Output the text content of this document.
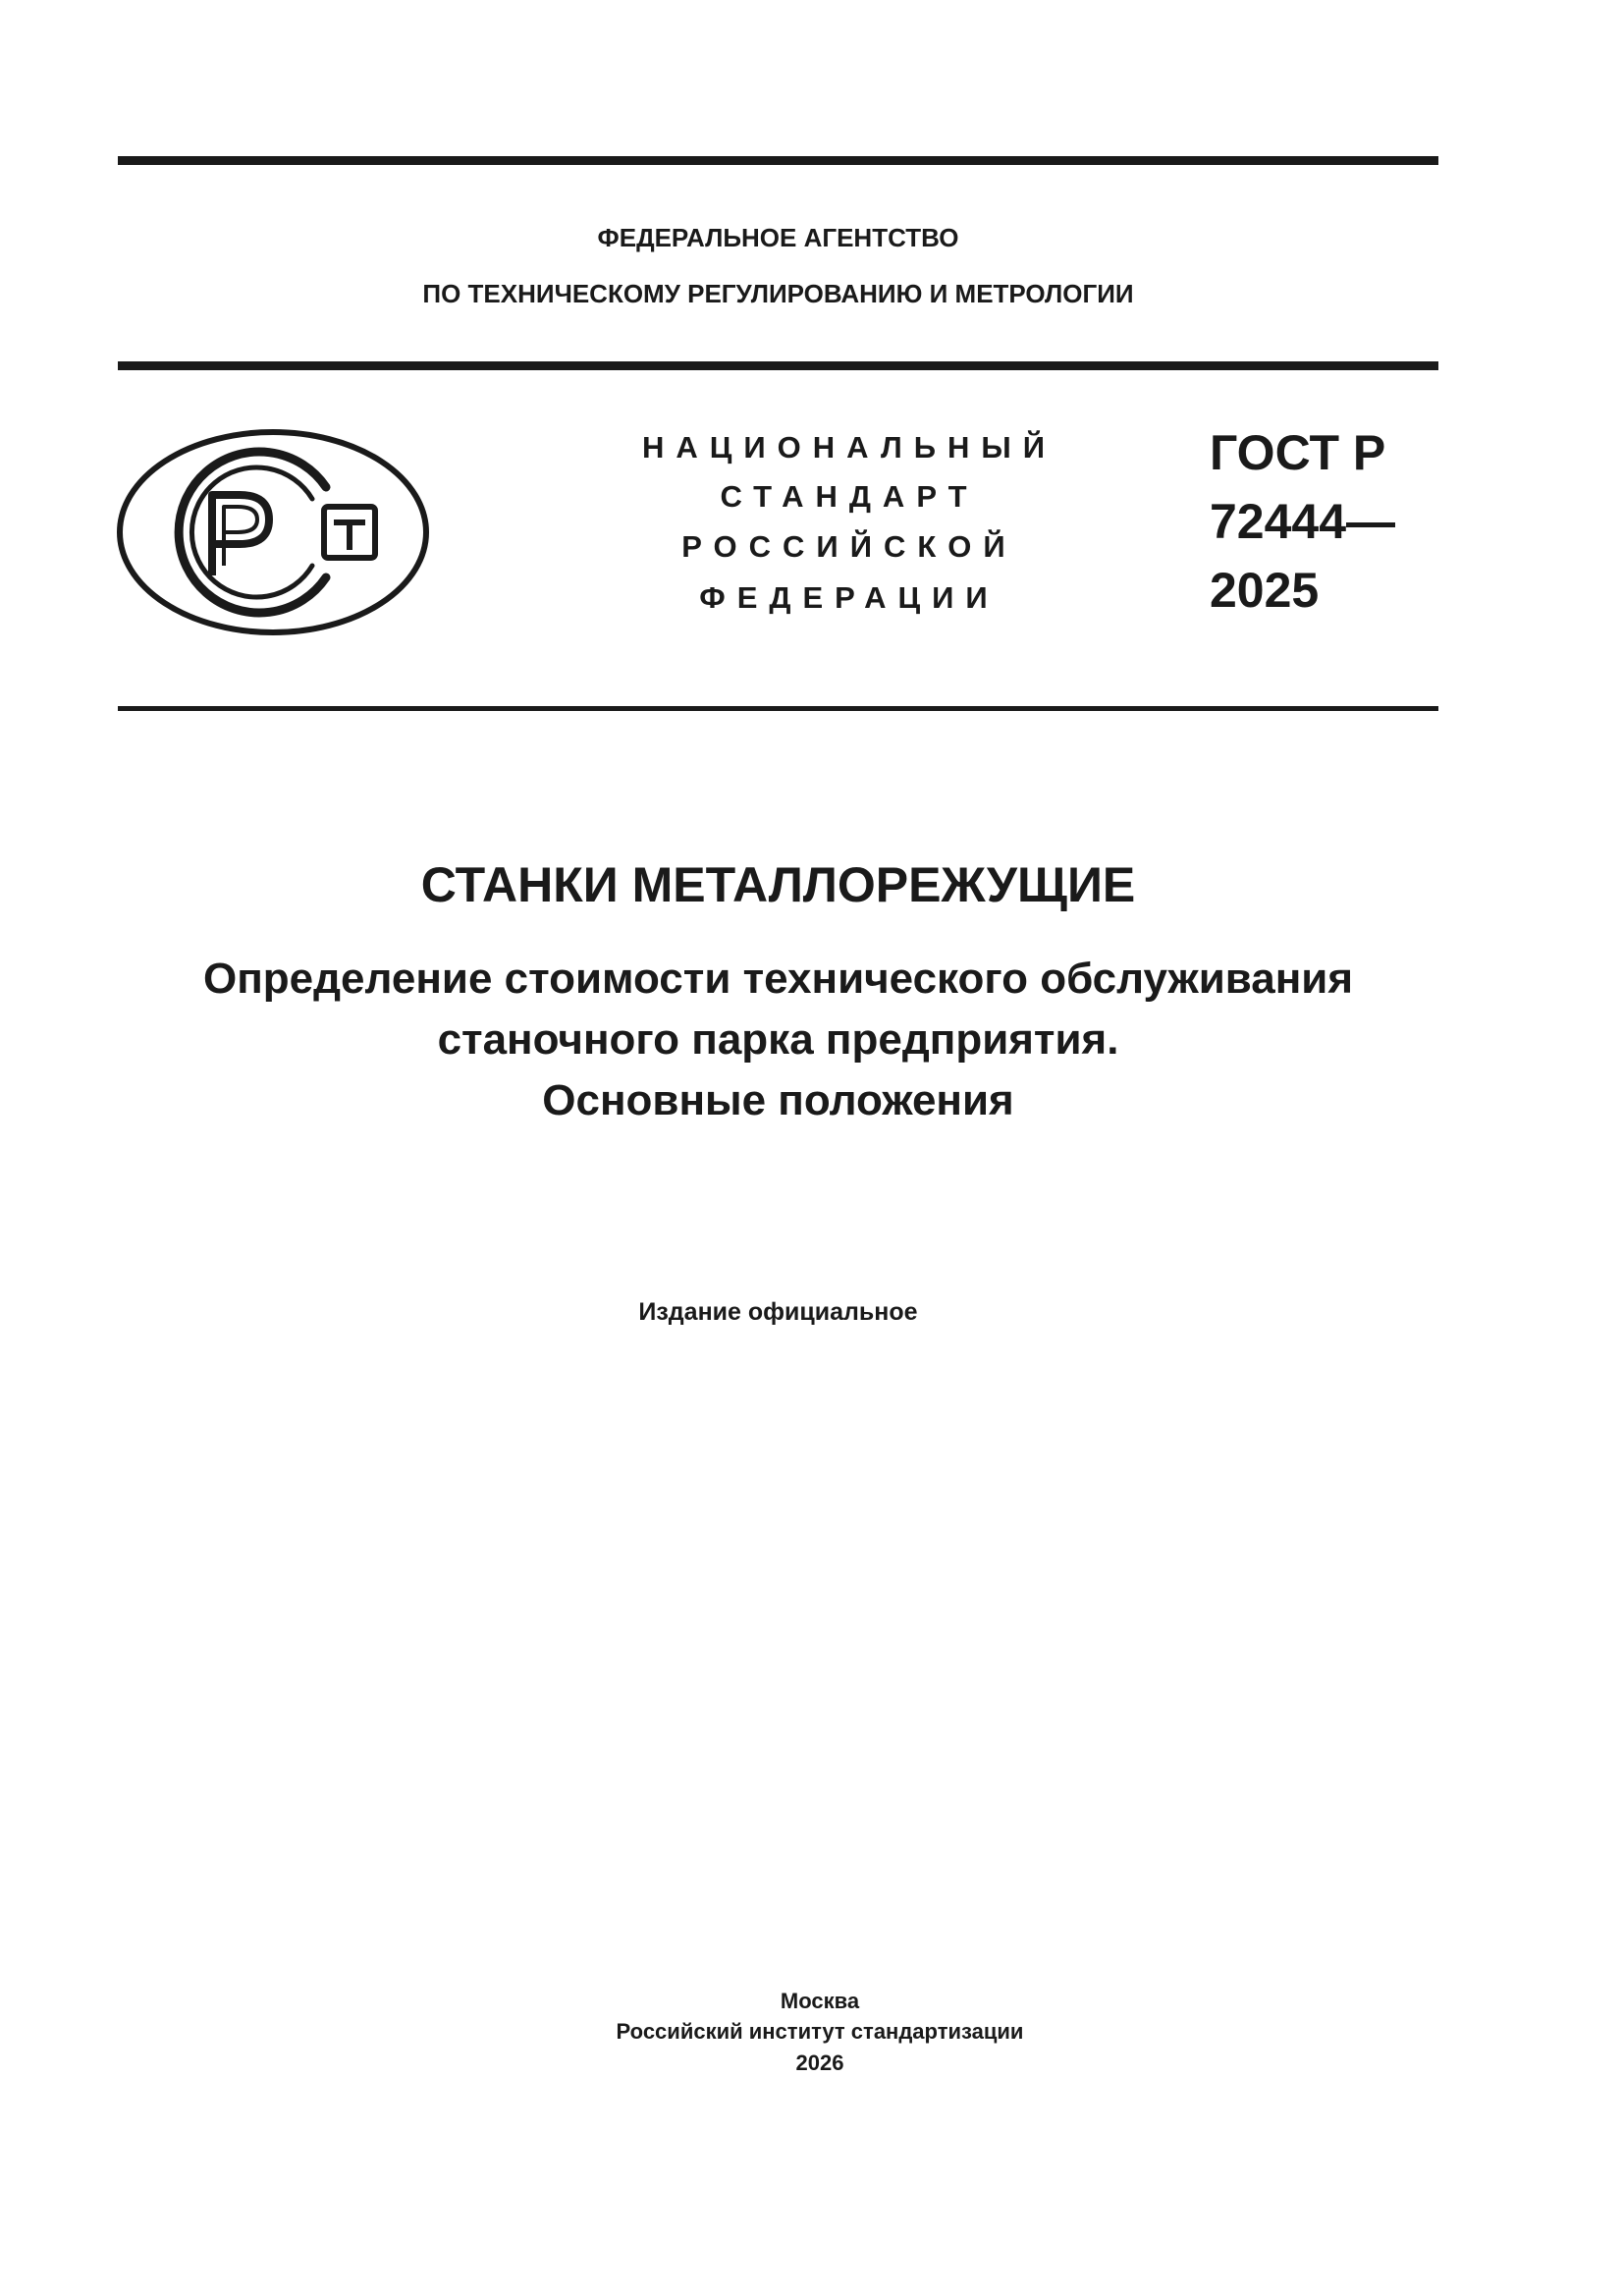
ФЕДЕРАЛЬНОЕ АГЕНТСТВО
ПО ТЕХНИЧЕСКОМУ РЕГУЛИРОВАНИЮ И МЕТРОЛОГИИ
НАЦИОНАЛЬНЫЙ
СТАНДАРТ
РОССИЙСКОЙ
ФЕДЕРАЦИИ
ГОСТ Р
72444—
2025
СТАНКИ МЕТАЛЛОРЕЖУЩИЕ
Определение стоимости технического обслуживания
станочного парка предприятия.
Основные положения
Издание официальное
Москва
Российский институт стандартизации
2026
